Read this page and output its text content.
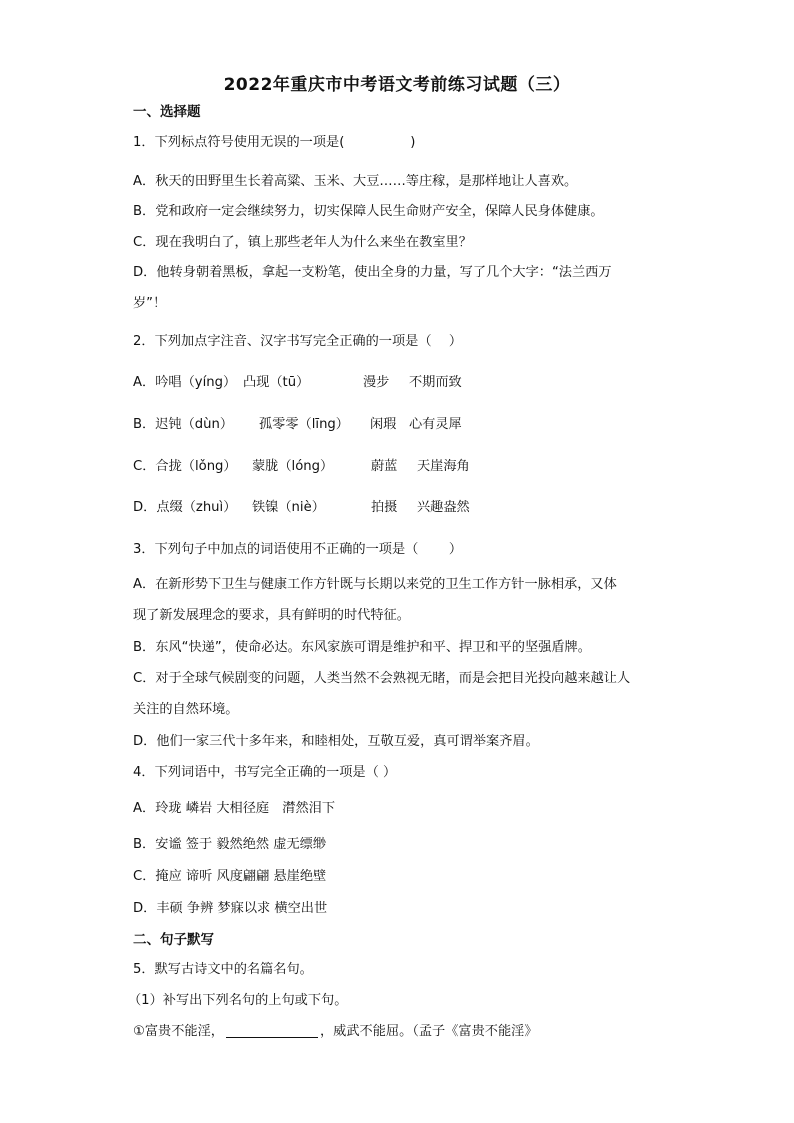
2022年重庆市中考语文考前练习试题（三）
一、选择题
1．下列标点符号使用无误的一项是(　　　　　)
A．秋天的田野里生长着高粱、玉米、大豆……等庄稼，是那样地让人喜欢。
B．党和政府一定会继续努力，切实保障人民生命财产安全，保障人民身体健康。
C．现在我明白了，镇上那些老年人为什么来坐在教室里？
D．他转身朝着黑板，拿起一支粉笔，使出全身的力量，写了几个大字：“法兰西万
岁”！
2．下列加点字注音、汉字书写完全正确的一项是（　 ）
A．吟唱（yíng） 凸现（tū）	漫步 不期而致
B．迟钝（dùn） 孤零零（līng） 闲瑕 心有灵犀
C．合拢（lǒng） 蒙胧（lóng）	蔚蓝 天崖海角
D．点缀（zhuì） 铁镍（niè）	拍摄 兴趣盎然
3．下列句子中加点的词语使用不正确的一项是（　　 ）
A．在新形势下卫生与健康工作方针既与长期以来党的卫生工作方针一脉相承，又体
现了新发展理念的要求，具有鲜明的时代特征。
B．东风“快递”，使命必达。东风家族可谓是维护和平、捍卫和平的坚强盾牌。
C．对于全球气候剧变的问题，人类当然不会熟视无睹，而是会把目光投向越来越让人
关注的自然环境。
D．他们一家三代十多年来，和睦相处，互敬互爱，真可谓举案齐眉。
4．下列词语中，书写完全正确的一项是（ ）
A．玲珑 嶙岩 大相径庭　潸然泪下
B．安谧 签于 毅然绝然 虚无缥缈
C．掩应 谛听 风度翩翩 悬崖绝壁
D．丰硕 争辨 梦寐以求 横空出世
二、句子默写
5．默写古诗文中的名篇名句。
（1）补写出下列名句的上句或下句。
①富贵不能淫，	，威武不能屈。（孟子《富贵不能淫》
